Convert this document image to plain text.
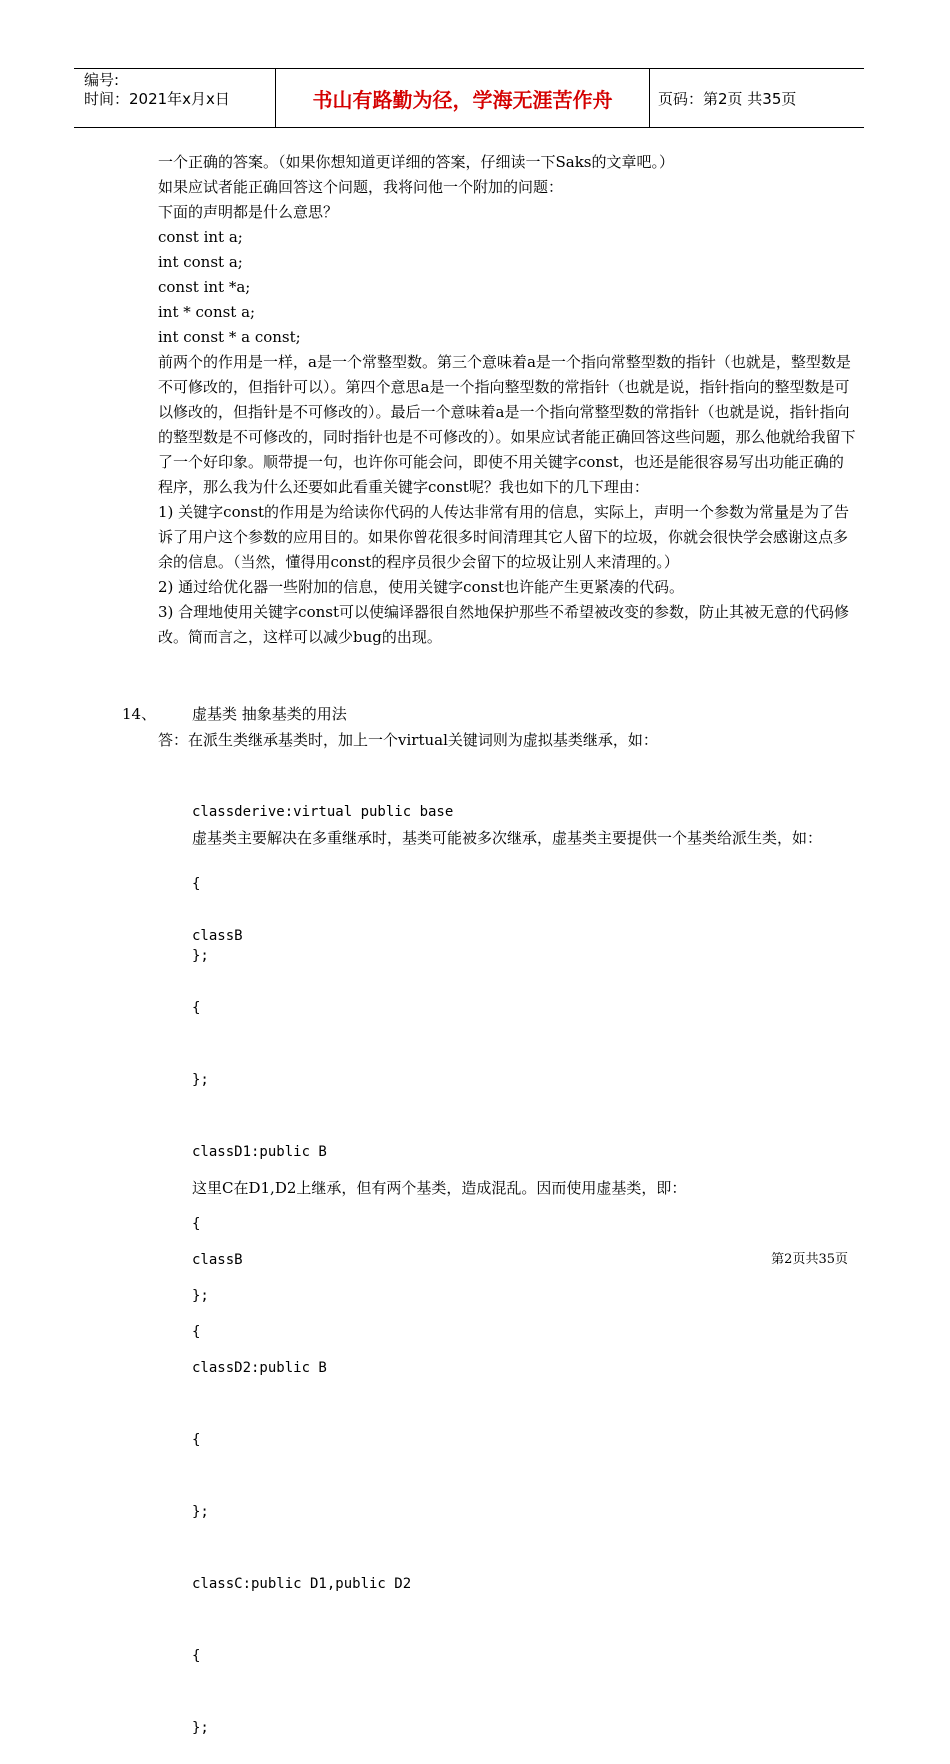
编号:
时间：2021年x月x日	书山有路勤为径，学海无涯苦作舟	页码：第2页 共35页
一个正确的答案。（如果你想知道更详细的答案，仔细读一下Saks的文章吧。）
如果应试者能正确回答这个问题，我将问他一个附加的问题：
下面的声明都是什么意思？
const int a;
int const a;
const int *a;
int * const a;
int const * a const;
前两个的作用是一样，a是一个常整型数。第三个意味着a是一个指向常整型数的指针（也就是，整型数是不可修改的，但指针可以）。第四个意思a是一个指向整型数的常指针（也就是说，指针指向的整型数是可以修改的，但指针是不可修改的）。最后一个意味着a是一个指向常整型数的常指针（也就是说，指针指向的整型数是不可修改的，同时指针也是不可修改的）。如果应试者能正确回答这些问题，那么他就给我留下了一个好印象。顺带提一句，也许你可能会问，即使不用关键字const，也还是能很容易写出功能正确的程序，那么我为什么还要如此看重关键字const呢？我也如下的几下理由：
1) 关键字const的作用是为给读你代码的人传达非常有用的信息，实际上，声明一个参数为常量是为了告诉了用户这个参数的应用目的。如果你曾花很多时间清理其它人留下的垃圾，你就会很快学会感谢这点多余的信息。（当然，懂得用const的程序员很少会留下的垃圾让别人来清理的。）
2) 通过给优化器一些附加的信息，使用关键字const也许能产生更紧凑的代码。
3) 合理地使用关键字const可以使编译器很自然地保护那些不希望被改变的参数，防止其被无意的代码修改。简而言之，这样可以减少bug的出现。
14、 虚基类 抽象基类的用法
答：在派生类继承基类时，加上一个virtual关键词则为虚拟基类继承，如：

classderive:virtual public base

{

};

虚基类主要解决在多重继承时，基类可能被多次继承，虚基类主要提供一个基类给派生类，如：

classB

{

};

classD1:public B

{

};

classD2:public B

{

};

classC:public D1,public D2

{

};

这里C在D1,D2上继承，但有两个基类，造成混乱。因而使用虚基类，即：

classB

{

第2页共35页
